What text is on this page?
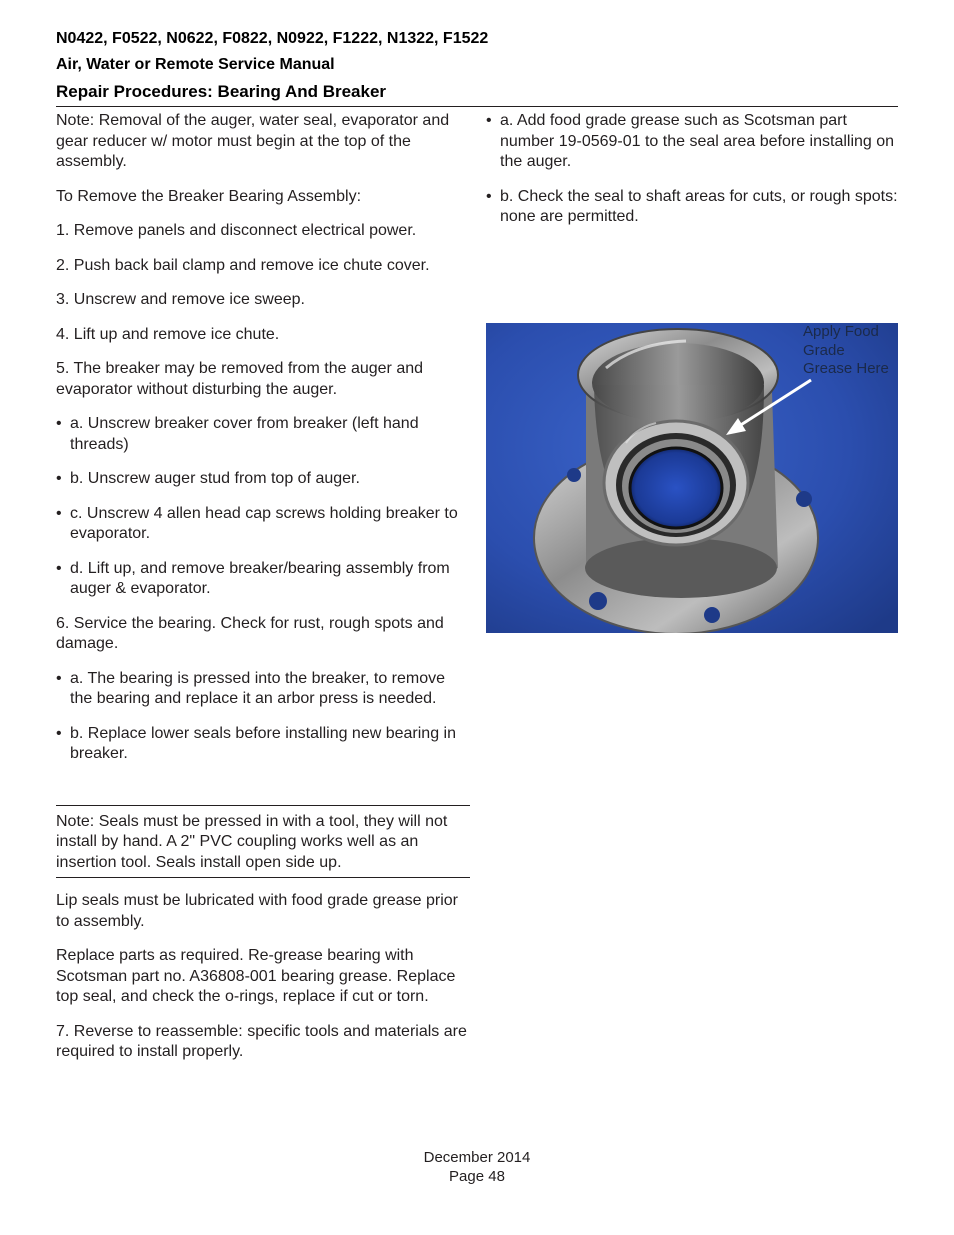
N0422, F0522, N0622, F0822, N0922, F1222, N1322, F1522
Air, Water or Remote Service Manual
Repair Procedures: Bearing And Breaker

Note: Removal of the auger, water seal, evaporator and gear reducer w/ motor must begin at the top of the assembly.

To Remove the Breaker Bearing Assembly:

1. Remove panels and disconnect electrical power.

2. Push back bail clamp and remove ice chute cover.

3. Unscrew and remove ice sweep.

4. Lift up and remove ice chute.

5. The breaker may be removed from the auger and evaporator without disturbing the auger.

• a. Unscrew breaker cover from breaker (left hand threads)
• b. Unscrew auger stud from top of auger.
• c. Unscrew 4 allen head cap screws holding breaker to evaporator.
• d. Lift up, and remove breaker/bearing assembly from auger & evaporator.

6. Service the bearing. Check for rust, rough spots and damage.

• a. The bearing is pressed into the breaker, to remove the bearing and replace it an arbor press is needed.
• b. Replace lower seals before installing new bearing in breaker.

Note: Seals must be pressed in with a tool, they will not install by hand. A 2" PVC coupling works well as an insertion tool. Seals install open side up.

Lip seals must be lubricated with food grade grease prior to assembly.

Replace parts as required. Re-grease bearing with Scotsman part no. A36808-001 bearing grease. Replace top seal, and check the o-rings, replace if cut or torn.

7. Reverse to reassemble: specific tools and materials are required to install properly.

• a. Add food grade grease such as Scotsman part number 19-0569-01 to the seal area before installing on the auger.
• b. Check the seal to shaft areas for cuts, or rough spots: none are permitted.
Apply Food
Grade
Grease Here
December 2014
Page 48
